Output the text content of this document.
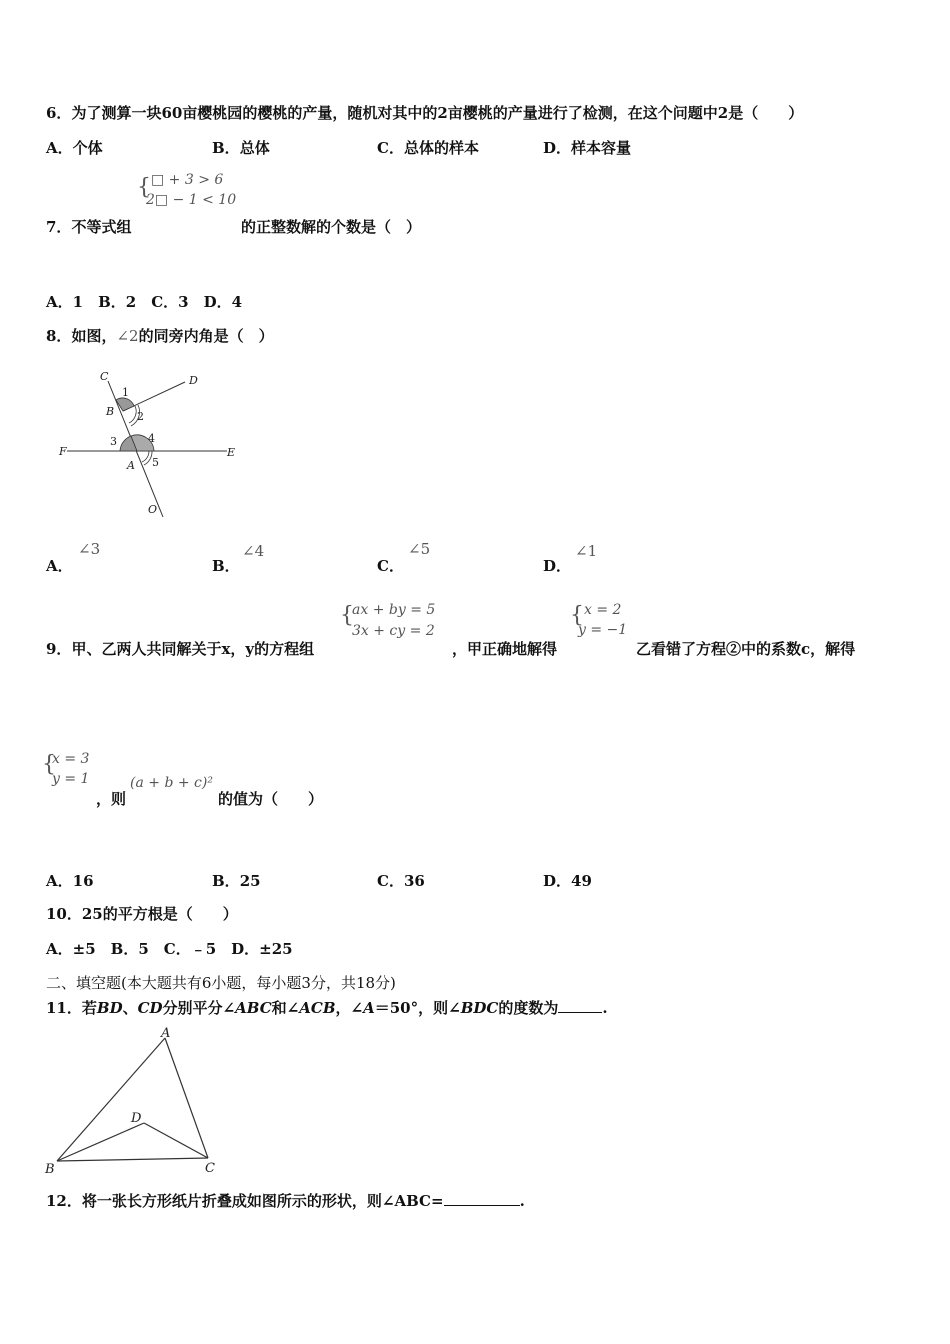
6．为了测算一块60亩樱桃园的樱桃的产量，随机对其中的2亩樱桃的产量进行了检测，在这个问题中2是（　　）
A．个体	B．总体	C．总体的样本	D．样本容量
{ □ + 3 > 6
2□ − 1 < 10
7．不等式组	的正整数解的个数是（　）
A．1　B．2　C．3　D．4
8．如图，∠2的同旁内角是（　）
C	D
B
F
A
E
O
1
2
3	4
5
A．
∠3
B．
∠4
C．
∠5
D．
∠1
{
ax + by = 5
3x + cy = 2
{ x = 2
y = −1
9．甲、乙两人共同解关于x，y的方程组	，甲正确地解得	乙看错了方程②中的系数c，解得
{
x = 3
y = 1
，则
(a + b + c)²
的值为（　　）
A．16	B．25	C．36	D．49
10．25的平方根是（　　）
A．±5　B．5　C．﹣5　D．±25
二、填空题(本大题共有6小题，每小题3分，共18分)
11．若BD、CD分别平分∠ABC和∠ACB，∠A＝50°，则∠BDC的度数为	.
A
B	C
D
12．将一张长方形纸片折叠成如图所示的形状，则∠ABC=	.
